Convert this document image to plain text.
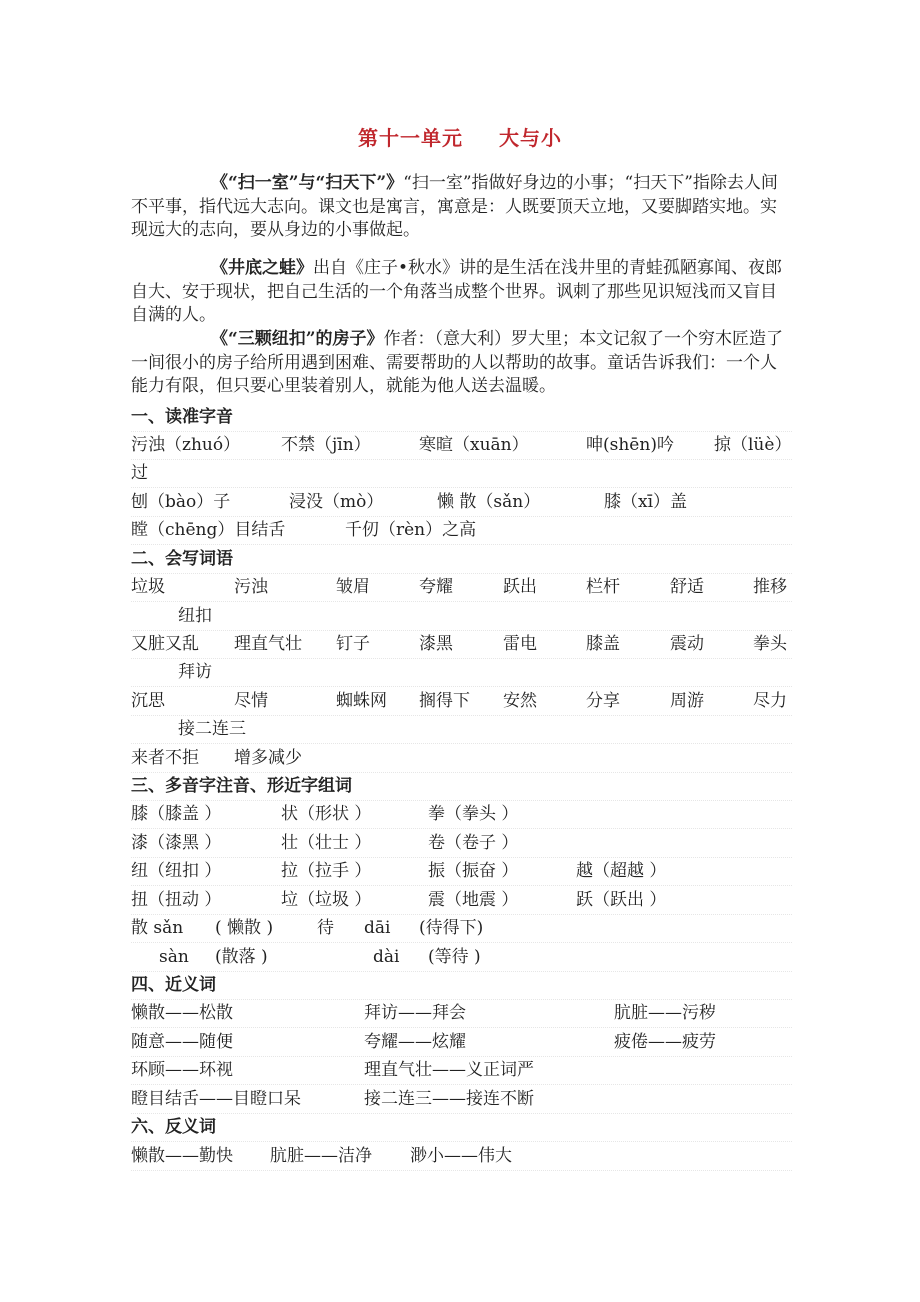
第十一单元 大与小
《“扫一室”与“扫天下”》“扫一室”指做好身边的小事；“扫天下”指除去人间不平事，指代远大志向。课文也是寓言，寓意是：人既要顶天立地，又要脚踏实地。实现远大的志向，要从身边的小事做起。
《井底之蛙》出自《庄子•秋水》讲的是生活在浅井里的青蛙孤陋寡闻、夜郎自大、安于现状，把自己生活的一个角落当成整个世界。讽刺了那些见识短浅而又盲目自满的人。
《“三颗纽扣”的房子》作者：（意大利）罗大里；本文记叙了一个穷木匠造了一间很小的房子给所用遇到困难、需要帮助的人以帮助的故事。童话告诉我们：一个人能力有限，但只要心里装着别人，就能为他人送去温暖。
一、读准字音
污浊（zhuó） 不禁（jīn）	寒暄（xuān）	呻(shēn)吟 掠（lüè）
过
刨（bào）子	浸没（mò）	懒 散（sǎn）	膝（xī）盖
瞠（chēng）目结舌	千仞（rèn）之高
二、会写词语
垃圾	污浊	皱眉	夸耀	跃出	栏杆	舒适	推移
纽扣
又脏又乱 理直气壮 钉子	漆黑	雷电	膝盖	震动	拳头
拜访
沉思	尽情	蜘蛛网 搁得下 安然	分享	周游	尽力
接二连三
来者不拒 增多减少
三、多音字注音、形近字组词
膝（膝盖 ）	状（形状 ）	拳（拳头 ）
漆（漆黑 ）	壮（壮士 ）	卷（卷子 ）
纽（纽扣 ）	拉（拉手 ）	振（振奋 ）	越（超越 ）
扭（扭动 ）	垃（垃圾 ）	震（地震 ）	跃（跃出 ）
散 sǎn ( 懒散 )	待 dāi (待得下)
sàn (散落 )	dài (等待 )
四、近义词
懒散——松散	拜访——拜会	肮脏——污秽
随意——随便	夸耀——炫耀	疲倦——疲劳
环顾——环视	理直气壮——义正词严
瞪目结舌——目瞪口呆	接二连三——接连不断
六、反义词
懒散——勤快 肮脏——洁净 渺小——伟大
